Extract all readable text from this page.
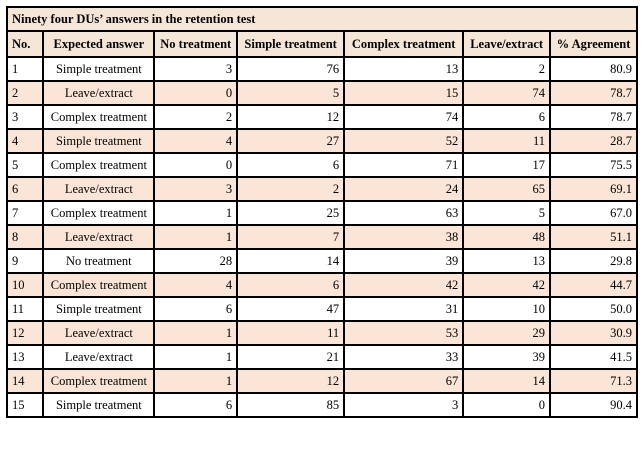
Ninety four DUs’ answers in the retention test						
No.	Expected answer	No treatment	Simple treatment	Complex treatment	Leave/extract	% Agreement
1	Simple treatment	3	76	13	2	80.9
2	Leave/extract	0	5	15	74	78.7
3	Complex treatment	2	12	74	6	78.7
4	Simple treatment	4	27	52	11	28.7
5	Complex treatment	0	6	71	17	75.5
6	Leave/extract	3	2	24	65	69.1
7	Complex treatment	1	25	63	5	67.0
8	Leave/extract	1	7	38	48	51.1
9	No treatment	28	14	39	13	29.8
10	Complex treatment	4	6	42	42	44.7
11	Simple treatment	6	47	31	10	50.0
12	Leave/extract	1	11	53	29	30.9
13	Leave/extract	1	21	33	39	41.5
14	Complex treatment	1	12	67	14	71.3
15	Simple treatment	6	85	3	0	90.4
